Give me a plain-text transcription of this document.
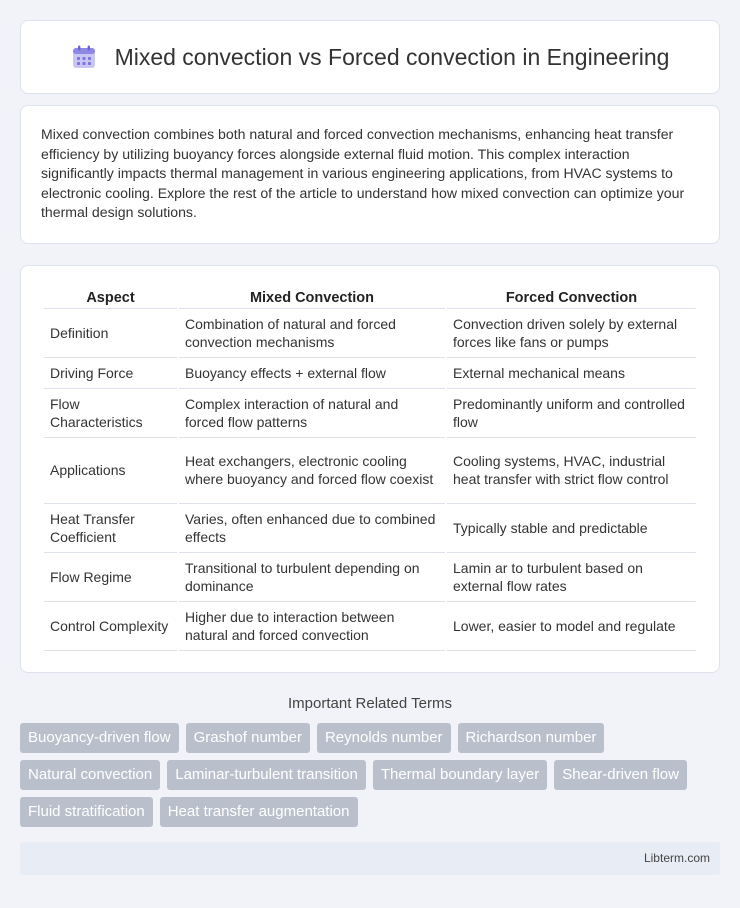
Mixed convection vs Forced convection in Engineering

Mixed convection combines both natural and forced convection mechanisms, enhancing heat transfer efficiency by utilizing buoyancy forces alongside external fluid motion. This complex interaction significantly impacts thermal management in various engineering applications, from HVAC systems to electronic cooling. Explore the rest of the article to understand how mixed convection can optimize your thermal design solutions.

Aspect	Mixed Convection	Forced Convection
Definition	Combination of natural and forced convection mechanisms	Convection driven solely by external forces like fans or pumps
Driving Force	Buoyancy effects + external flow	External mechanical means
Flow Characteristics	Complex interaction of natural and forced flow patterns	Predominantly uniform and controlled flow
Applications	Heat exchangers, electronic cooling where buoyancy and forced flow coexist	Cooling systems, HVAC, industrial heat transfer with strict flow control
Heat Transfer Coefficient	Varies, often enhanced due to combined effects	Typically stable and predictable
Flow Regime	Transitional to turbulent depending on dominance	Lamin ar to turbulent based on external flow rates
Control Complexity	Higher due to interaction between natural and forced convection	Lower, easier to model and regulate
Important Related Terms
Buoyancy-driven flow	Grashof number	Reynolds number	Richardson number
Natural convection	Laminar-turbulent transition	Thermal boundary layer	Shear-driven flow
Fluid stratification	Heat transfer augmentation
Libterm.com
